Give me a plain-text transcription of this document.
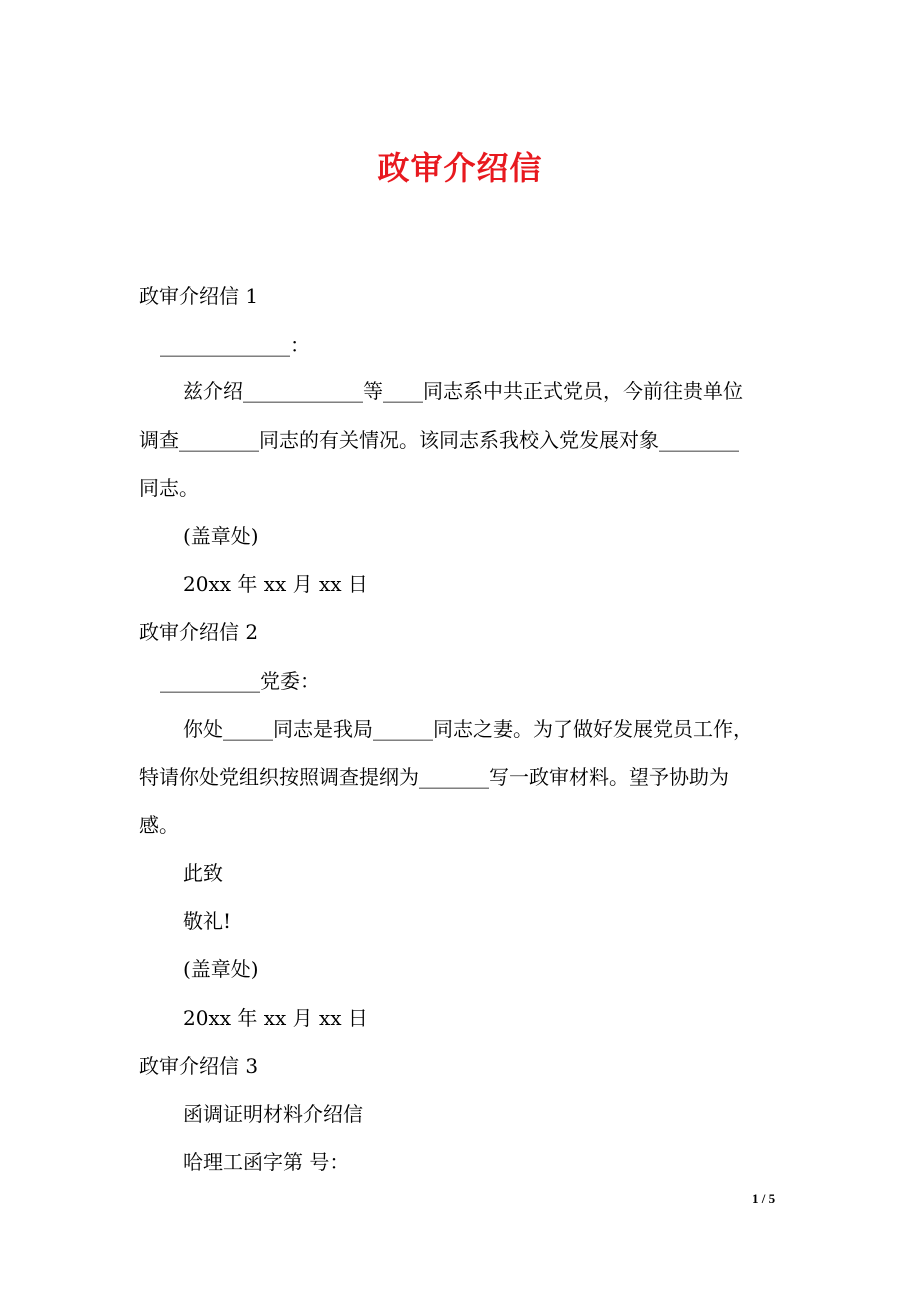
政审介绍信
政审介绍信 1
_____________：
兹介绍____________等____同志系中共正式党员，今前往贵单位
调查________同志的有关情况。该同志系我校入党发展对象________
同志。
(盖章处)
20xx 年 xx 月 xx 日
政审介绍信 2
__________党委：
你处_____同志是我局______同志之妻。为了做好发展党员工作，
特请你处党组织按照调查提纲为_______写一政审材料。望予协助为
感。
此致
敬礼!
(盖章处)
20xx 年 xx 月 xx 日
政审介绍信 3
函调证明材料介绍信
哈理工函字第 号：
1 / 5
